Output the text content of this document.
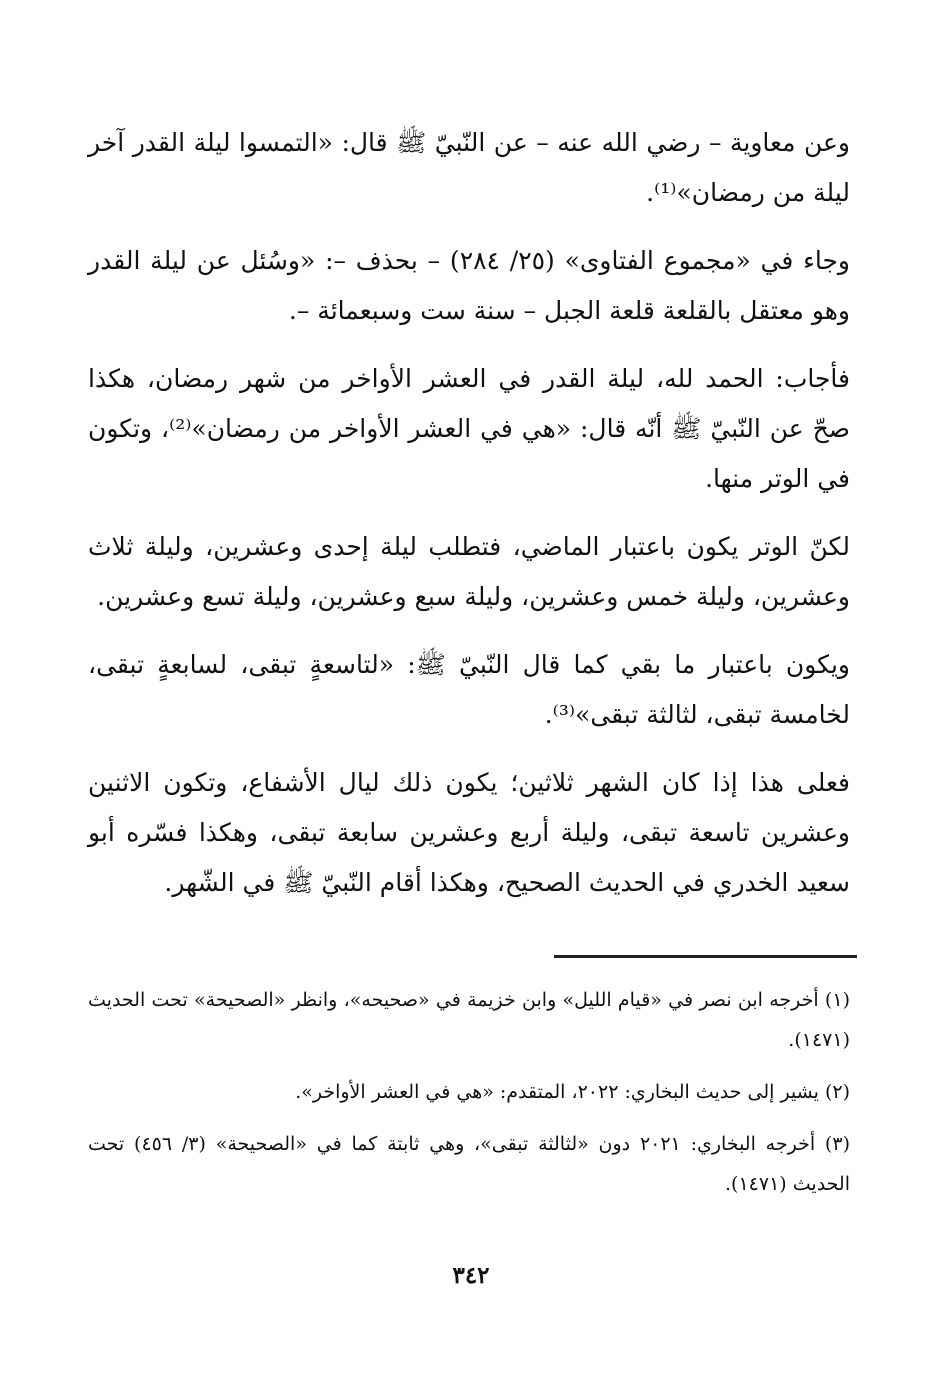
وعن معاوية – رضي الله عنه – عن النّبيّ ﷺ قال: «التمسوا ليلة القدر آخر ليلة من رمضان»⁽¹⁾.

وجاء في «مجموع الفتاوى» (٢٥/ ٢٨٤) – بحذف –: «وسُئل عن ليلة القدر وهو معتقل بالقلعة قلعة الجبل – سنة ست وسبعمائة –.

فأجاب: الحمد لله، ليلة القدر في العشر الأواخر من شهر رمضان، هكذا صحّ عن النّبيّ ﷺ أنّه قال: «هي في العشر الأواخر من رمضان»⁽²⁾، وتكون في الوتر منها.

لكنّ الوتر يكون باعتبار الماضي، فتطلب ليلة إحدى وعشرين، وليلة ثلاث وعشرين، وليلة خمس وعشرين، وليلة سبع وعشرين، وليلة تسع وعشرين.

ويكون باعتبار ما بقي كما قال النّبيّ ﷺ: «لتاسعةٍ تبقى، لسابعةٍ تبقى، لخامسة تبقى، لثالثة تبقى»⁽³⁾.

فعلى هذا إذا كان الشهر ثلاثين؛ يكون ذلك ليال الأشفاع، وتكون الاثنين وعشرين تاسعة تبقى، وليلة أربع وعشرين سابعة تبقى، وهكذا فسّره أبو سعيد الخدري في الحديث الصحيح، وهكذا أقام النّبيّ ﷺ في الشّهر.

(١) أخرجه ابن نصر في «قيام الليل» وابن خزيمة في «صحيحه»، وانظر «الصحيحة» تحت الحديث (١٤٧١).

(٢) يشير إلى حديث البخاري: ٢٠٢٢، المتقدم: «هي في العشر الأواخر».

(٣) أخرجه البخاري: ٢٠٢١ دون «لثالثة تبقى»، وهي ثابتة كما في «الصحيحة» (٣/ ٤٥٦) تحت الحديث (١٤٧١).

٣٤٢
